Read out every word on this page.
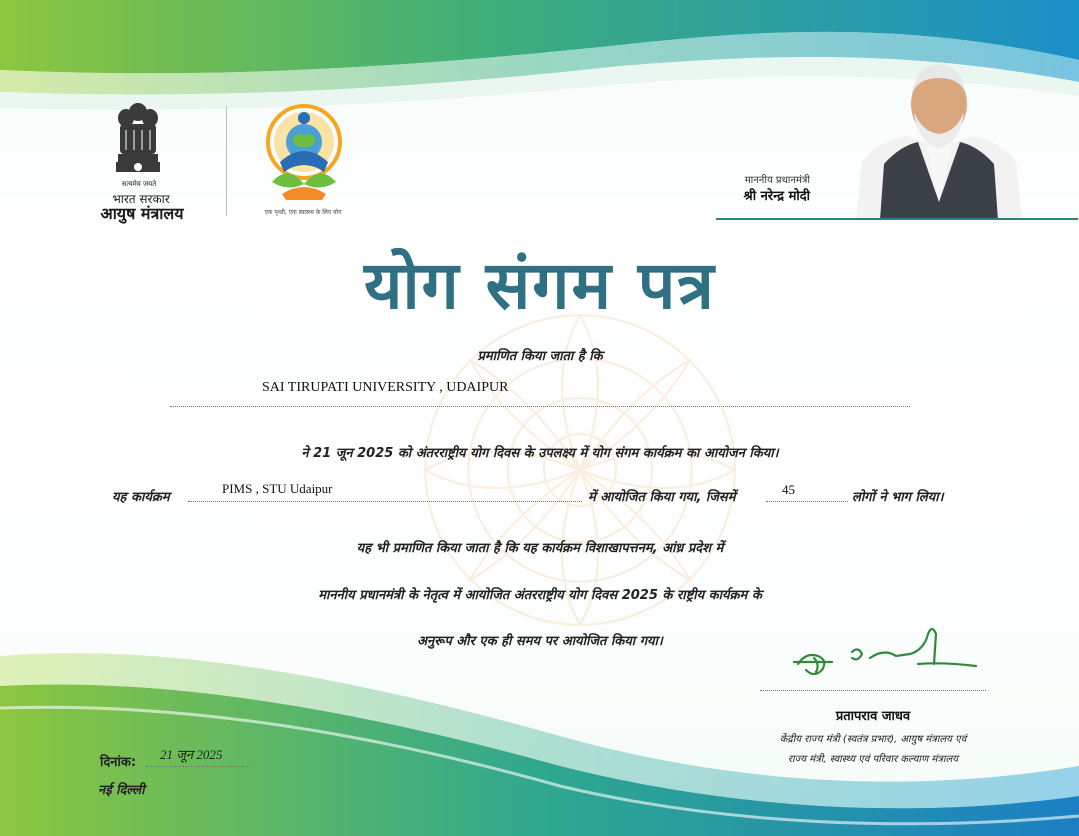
सत्यमेव जयते
भारत सरकार
आयुष मंत्रालय	एक पृथ्वी, एक स्वास्थ्य के लिए योग
माननीय प्रधानमंत्री
श्री नरेन्द्र मोदी
योग संगम पत्र
प्रमाणित किया जाता है कि
SAI TIRUPATI UNIVERSITY , UDAIPUR
ने 21 जून 2025 को अंतरराष्ट्रीय योग दिवस के उपलक्ष्य में योग संगम कार्यक्रम का आयोजन किया।
यह कार्यक्रम
PIMS , STU Udaipur
में आयोजित किया गया, जिसमें
45
लोगों ने भाग लिया।
यह भी प्रमाणित किया जाता है कि यह कार्यक्रम विशाखापत्तनम, आंध्र प्रदेश में
माननीय प्रधानमंत्री के नेतृत्व में आयोजित अंतरराष्ट्रीय योग दिवस 2025 के राष्ट्रीय कार्यक्रम के
अनुरूप और एक ही समय पर आयोजित किया गया।
प्रतापराव जाधव
केंद्रीय राज्य मंत्री (स्वतंत्र प्रभार), आयुष मंत्रालय एवं
राज्य मंत्री, स्वास्थ्य एवं परिवार कल्याण मंत्रालय
दिनांक:
21 जून 2025
नई दिल्ली
